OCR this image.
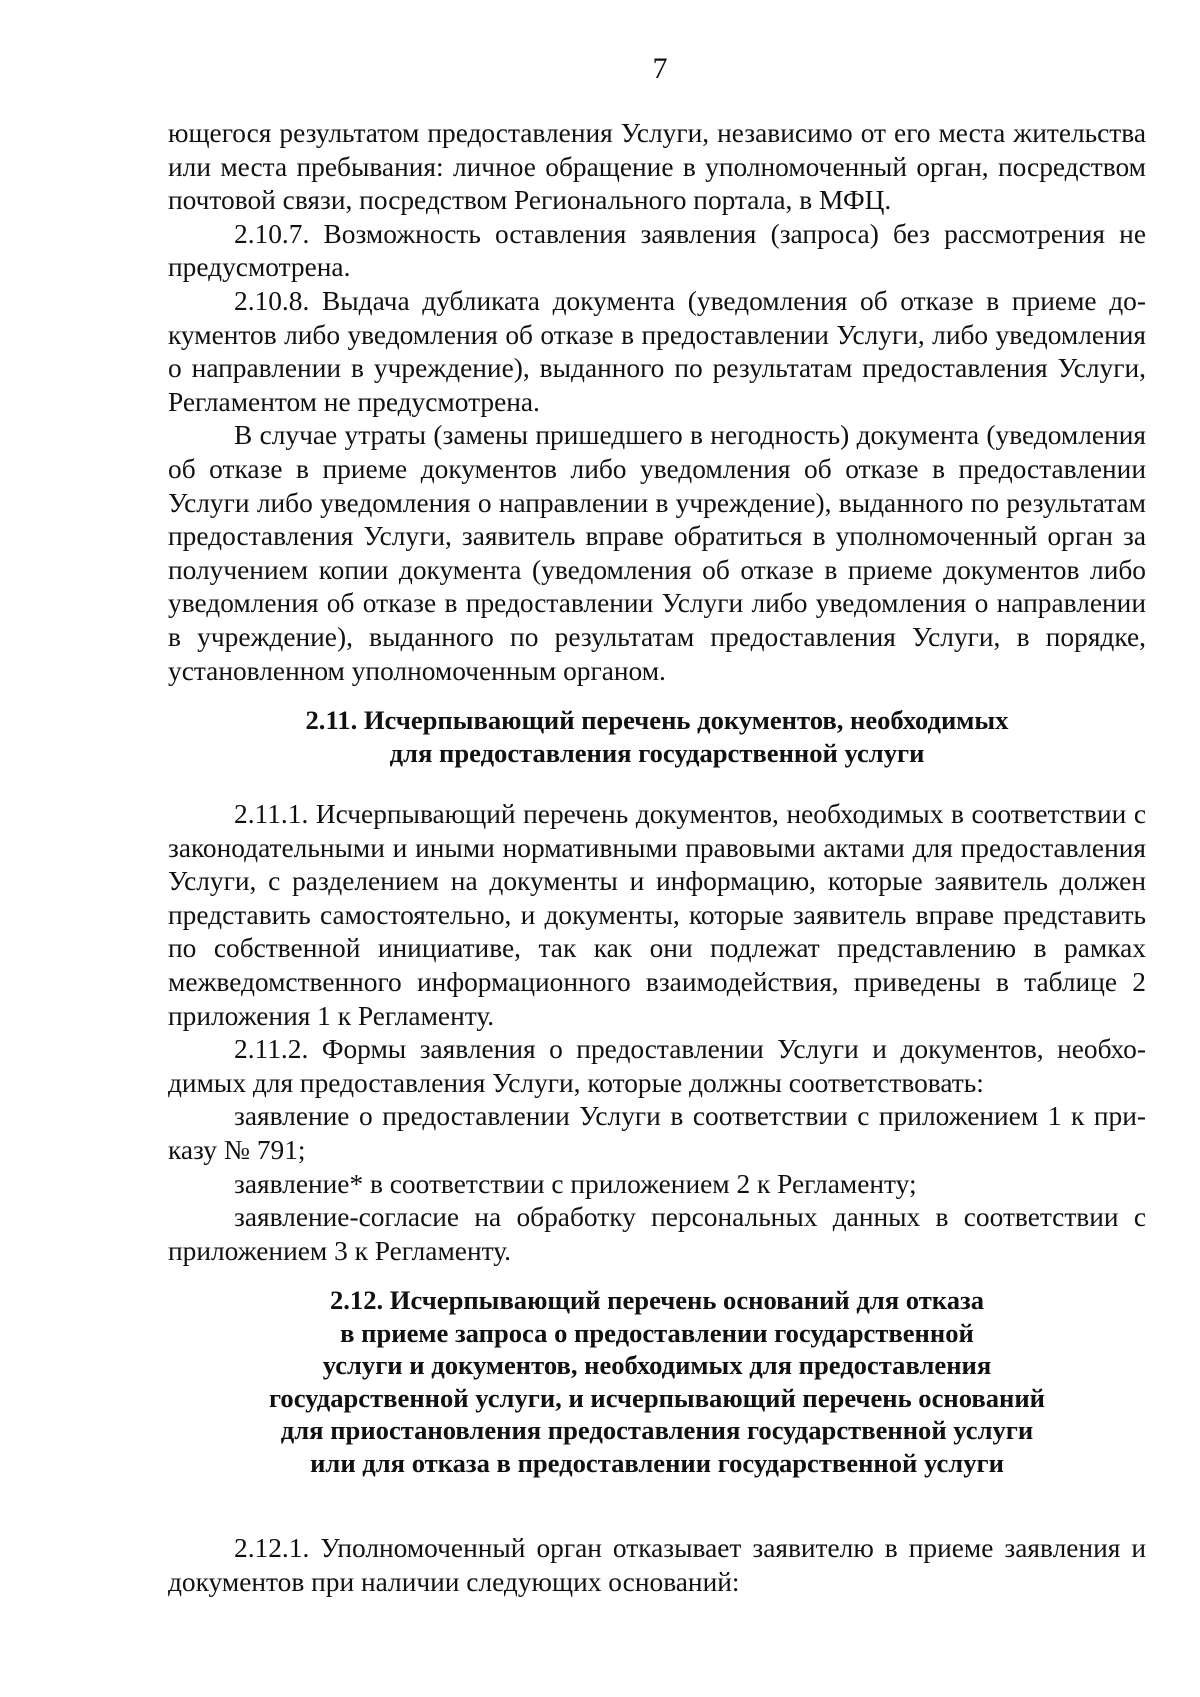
7

ющегося результатом предоставления Услуги, независимо от его места жительства или места пребывания: личное обращение в уполномоченный орган, посредством почтовой связи, посредством Регионального портала, в МФЦ.

2.10.7. Возможность оставления заявления (запроса) без рассмотрения не предусмотрена.

2.10.8. Выдача дубликата документа (уведомления об отказе в приеме документов либо уведомления об отказе в предоставлении Услуги, либо уведомления о направлении в учреждение), выданного по результатам предоставления Услуги, Регламентом не предусмотрена.

В случае утраты (замены пришедшего в негодность) документа (уведомления об отказе в приеме документов либо уведомления об отказе в предоставлении Услуги либо уведомления о направлении в учреждение), выданного по результатам предоставления Услуги, заявитель вправе обратиться в уполномоченный орган за получением копии документа (уведомления об отказе в приеме документов либо уведомления об отказе в предоставлении Услуги либо уведомления о направлении в учреждение), выданного по результатам предоставления Услуги, в порядке, установленном уполномоченным органом.

2.11. Исчерпывающий перечень документов, необходимых
для предоставления государственной услуги

2.11.1. Исчерпывающий перечень документов, необходимых в соответствии с законодательными и иными нормативными правовыми актами для предоставления Услуги, с разделением на документы и информацию, которые заявитель должен представить самостоятельно, и документы, которые заявитель вправе представить по собственной инициативе, так как они подлежат представлению в рамках межведомственного информационного взаимодействия, приведены в таблице 2 приложения 1 к Регламенту.

2.11.2. Формы заявления о предоставлении Услуги и документов, необходимых для предоставления Услуги, которые должны соответствовать:

заявление о предоставлении Услуги в соответствии с приложением 1 к приказу № 791;

заявление* в соответствии с приложением 2 к Регламенту;

заявление-согласие на обработку персональных данных в соответствии с приложением 3 к Регламенту.

2.12. Исчерпывающий перечень оснований для отказа
в приеме запроса о предоставлении государственной
услуги и документов, необходимых для предоставления
государственной услуги, и исчерпывающий перечень оснований
для приостановления предоставления государственной услуги
или для отказа в предоставлении государственной услуги

2.12.1. Уполномоченный орган отказывает заявителю в приеме заявления и документов при наличии следующих оснований:
